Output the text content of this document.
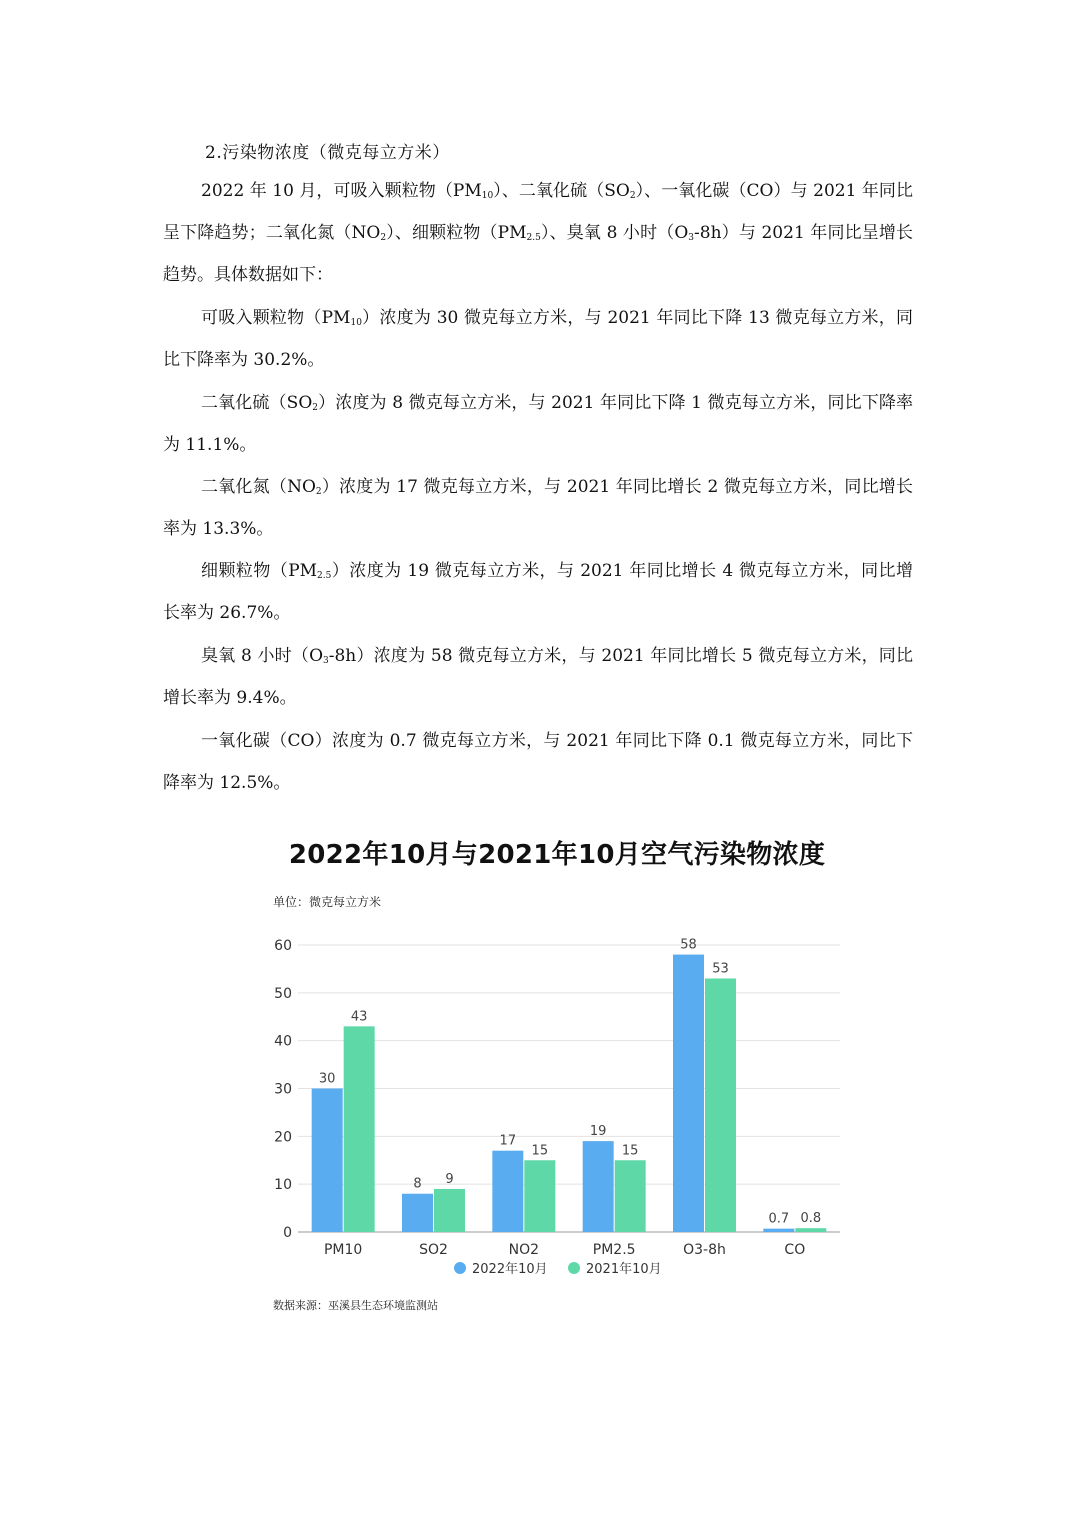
2.污染物浓度（微克每立方米）
2022 年 10 月，可吸入颗粒物$(PM_{10})$、二氧化硫$(SO_2)$、一氧化碳（CO）与 2021 年同比呈下降趋势；二氧化氮$(NO_2)$、细颗粒物$(PM_{2.5})$、臭氧 8 小时$(O_3-8h)$与 2021 年同比呈增长趋势。具体数据如下：
可吸入颗粒物$(PM_{10})$浓度为 30 微克每立方米，与 2021 年同比下降 13 微克每立方米，同比下降率为 30.2%。
二氧化硫$(SO_2)$浓度为 8 微克每立方米，与 2021 年同比下降 1 微克每立方米，同比下降率为 11.1%。
二氧化氮$(NO_2)$浓度为 17 微克每立方米，与 2021 年同比增长 2 微克每立方米，同比增长率为 13.3%。
细颗粒物$(PM_{2.5})$浓度为 19 微克每立方米，与 2021 年同比增长 4 微克每立方米，同比增长率为 26.7%。
臭氧 8 小时$(O_3-8h)$浓度为 58 微克每立方米，与 2021 年同比增长 5 微克每立方米，同比增长率为 9.4%。
一氧化碳（CO）浓度为 0.7 微克每立方米，与 2021 年同比下降 0.1 微克每立方米，同比下降率为 12.5%。
2022年10月与2021年10月空气污染物浓度
单位：微克每立方米
0
10
20
30
40
50
60
30
43
PM10
8 9
SO2
17
15
NO2
19
15
PM2.5
58
53
O3-8h
0.7 0.8
CO
2022年10月	2021年10月
数据来源：巫溪县生态环境监测站
